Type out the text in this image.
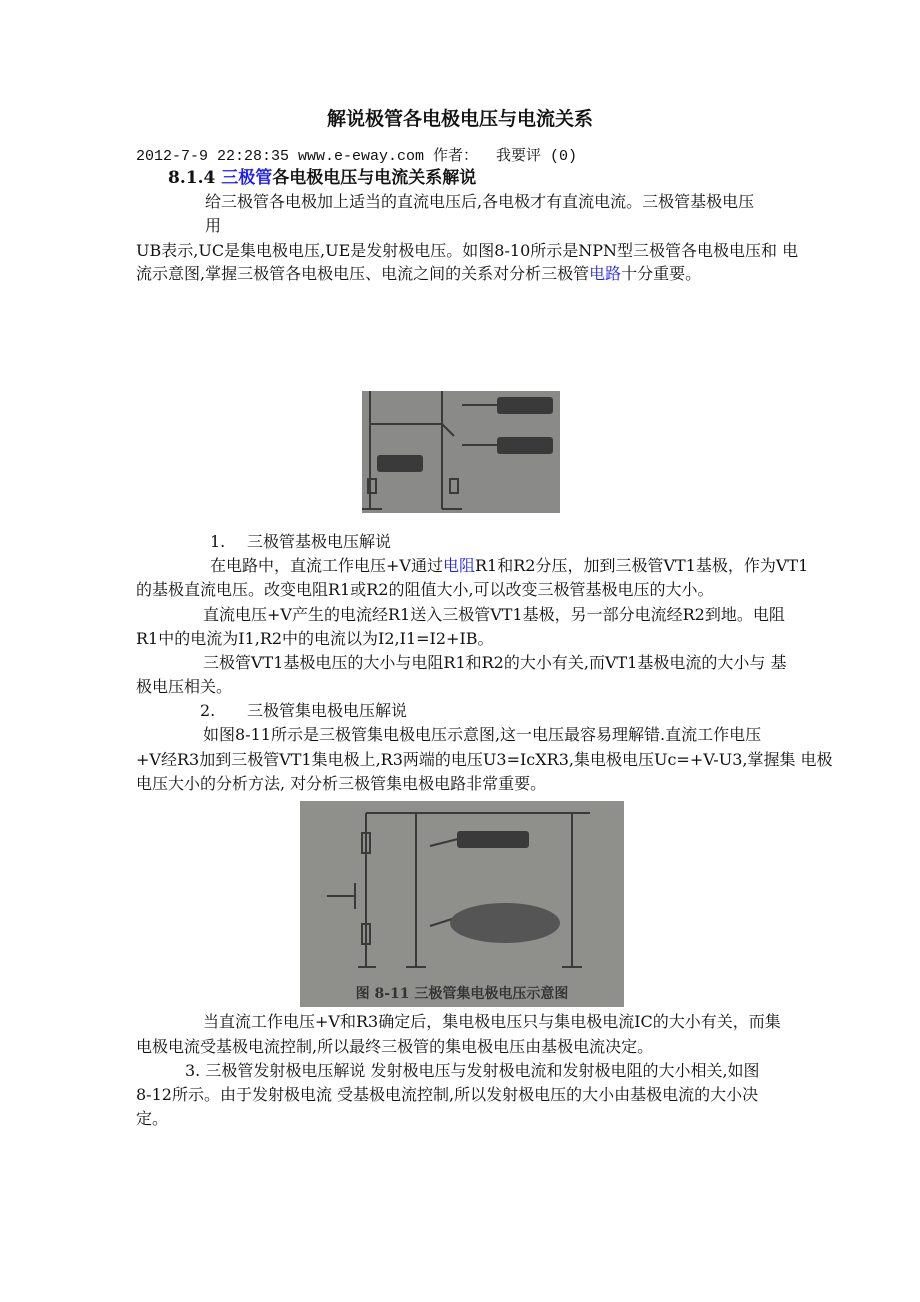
解说极管各电极电压与电流关系
2012-7-9 22:28:35 www.e-eway.com 作者：  我要评 (0)
8.1.4 三极管各电极电压与电流关系解说
给三极管各电极加上适当的直流电压后,各电极才有直流电流。三极管基极电压
用
UB表示,UC是集电极电压,UE是发射极电压。如图8-10所示是NPN型三极管各电极电压和 电
流示意图,掌握三极管各电极电压、电流之间的关系对分析三极管电路十分重要。
1. 三极管基极电压解说
在电路中，直流工作电压+V通过电阻R1和R2分压，加到三极管VT1基极，作为VT1
的基极直流电压。改变电阻R1或R2的阻值大小,可以改变三极管基极电压的大小。
直流电压+V产生的电流经R1送入三极管VT1基极，另一部分电流经R2到地。电阻
R1中的电流为I1,R2中的电流以为I2,I1=I2+IB。
三极管VT1基极电压的大小与电阻R1和R2的大小有关,而VT1基极电流的大小与 基
极电压相关。
2. 三极管集电极电压解说
如图8-11所示是三极管集电极电压示意图,这一电压最容易理解错.直流工作电压
+V经R3加到三极管VT1集电极上,R3两端的电压U3=IcXR3,集电极电压Uc=+V-U3,掌握集 电极
电压大小的分析方法, 对分析三极管集电极电路非常重要。
图 8-11 三极管集电极电压示意图
当直流工作电压+V和R3确定后，集电极电压只与集电极电流IC的大小有关，而集
电极电流受基极电流控制,所以最终三极管的集电极电压由基极电流决定。
3. 三极管发射极电压解说 发射极电压与发射极电流和发射极电阻的大小相关,如图
8-12所示。由于发射极电流 受基极电流控制,所以发射极电压的大小由基极电流的大小决
定。
